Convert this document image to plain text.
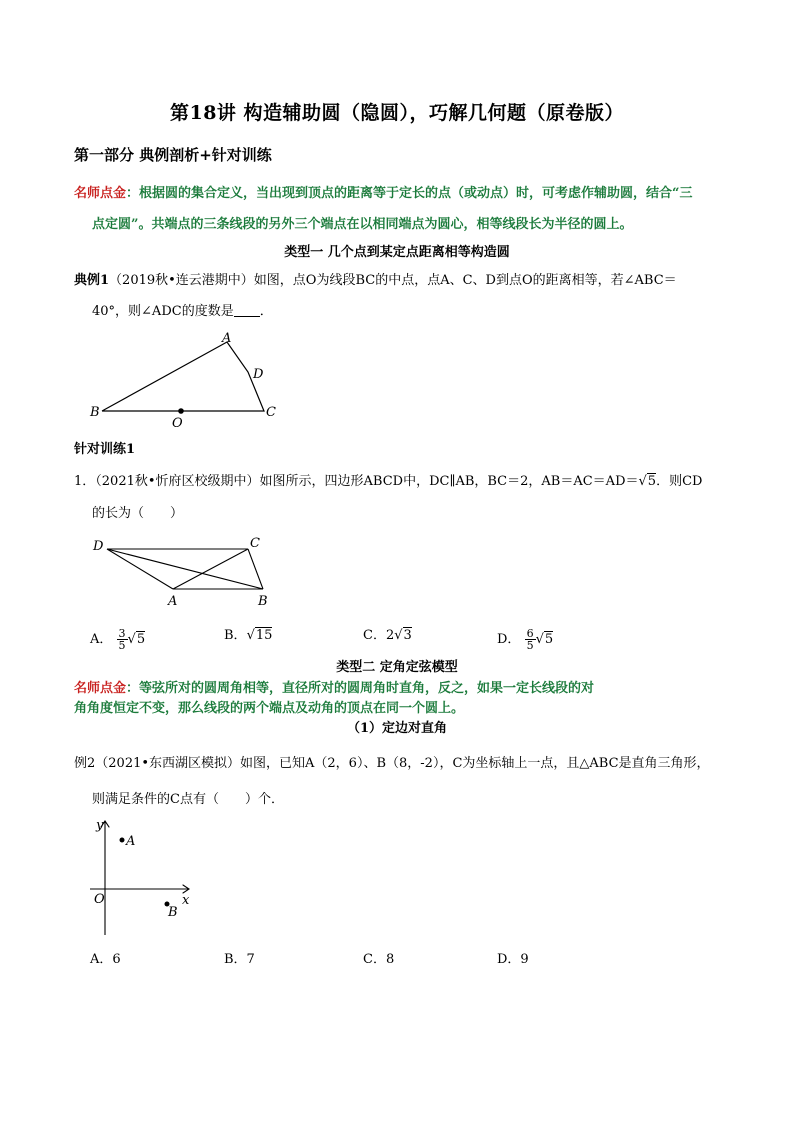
第18讲 构造辅助圆（隐圆），巧解几何题（原卷版）
第一部分 典例剖析+针对训练
名师点金：根据圆的集合定义，当出现到顶点的距离等于定长的点（或动点）时，可考虑作辅助圆，结合“三
点定圆”。共端点的三条线段的另外三个端点在以相同端点为圆心，相等线段长为半径的圆上。
类型一 几个点到某定点距离相等构造圆
典例1（2019秋•连云港期中）如图，点O为线段BC的中点，点A、C、D到点O的距离相等，若∠ABC＝
40°，则∠ADC的度数是 ．
A
D
B
O
C
针对训练1
1．（2021秋•忻府区校级期中）如图所示，四边形ABCD中，DC∥AB，BC＝2，AB＝AC＝AD＝√5．则CD
的长为（　　）
D	C
A	B
A． $\frac{3}{5} √5$	B．√15	C．2√3	D． $\frac{6}{5} √5$
类型二 定角定弦模型
名师点金：等弦所对的圆周角相等，直径所对的圆周角时直角，反之，如果一定长线段的对
角角度恒定不变，那么线段的两个端点及动角的顶点在同一个圆上。
（1）定边对直角
例2（2021•东西湖区模拟）如图，已知A（2，6）、B（8，-2），C为坐标轴上一点，且△ABC是直角三角形，
则满足条件的C点有（　　）个．
y
x
O
A
B
A．6	B．7	C．8	D．9
